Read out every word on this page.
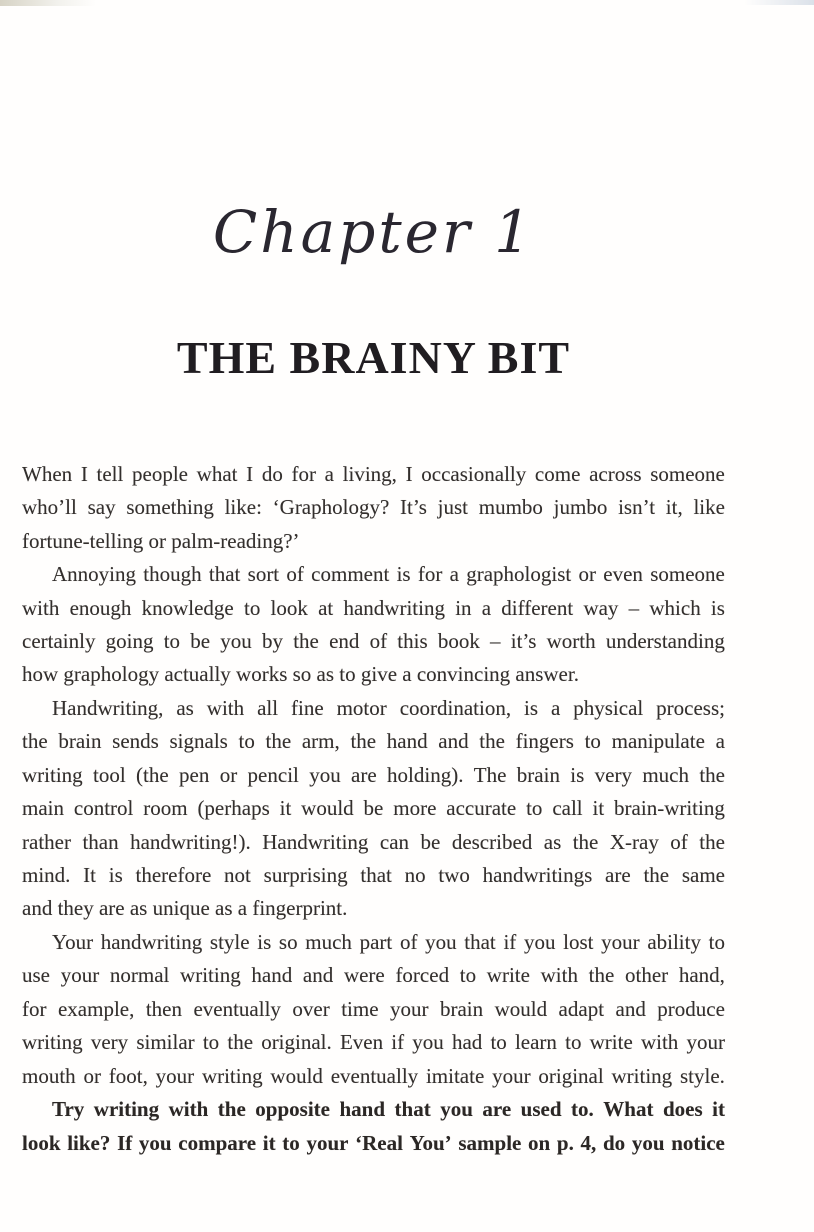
Chapter 1
THE BRAINY BIT
When I tell people what I do for a living, I occasionally come across someone
who’ll say something like: ‘Graphology? It’s just mumbo jumbo isn’t it, like
fortune-telling or palm-reading?’
Annoying though that sort of comment is for a graphologist or even someone
with enough knowledge to look at handwriting in a different way – which is
certainly going to be you by the end of this book – it’s worth understanding
how graphology actually works so as to give a convincing answer.
Handwriting, as with all fine motor coordination, is a physical process;
the brain sends signals to the arm, the hand and the fingers to manipulate a
writing tool (the pen or pencil you are holding). The brain is very much the
main control room (perhaps it would be more accurate to call it brain-writing
rather than handwriting!). Handwriting can be described as the X-ray of the
mind. It is therefore not surprising that no two handwritings are the same
and they are as unique as a fingerprint.
Your handwriting style is so much part of you that if you lost your ability to
use your normal writing hand and were forced to write with the other hand,
for example, then eventually over time your brain would adapt and produce
writing very similar to the original. Even if you had to learn to write with your
mouth or foot, your writing would eventually imitate your original writing style.
Try writing with the opposite hand that you are used to. What does it
look like? If you compare it to your ‘Real You’ sample on p. 4, do you notice
